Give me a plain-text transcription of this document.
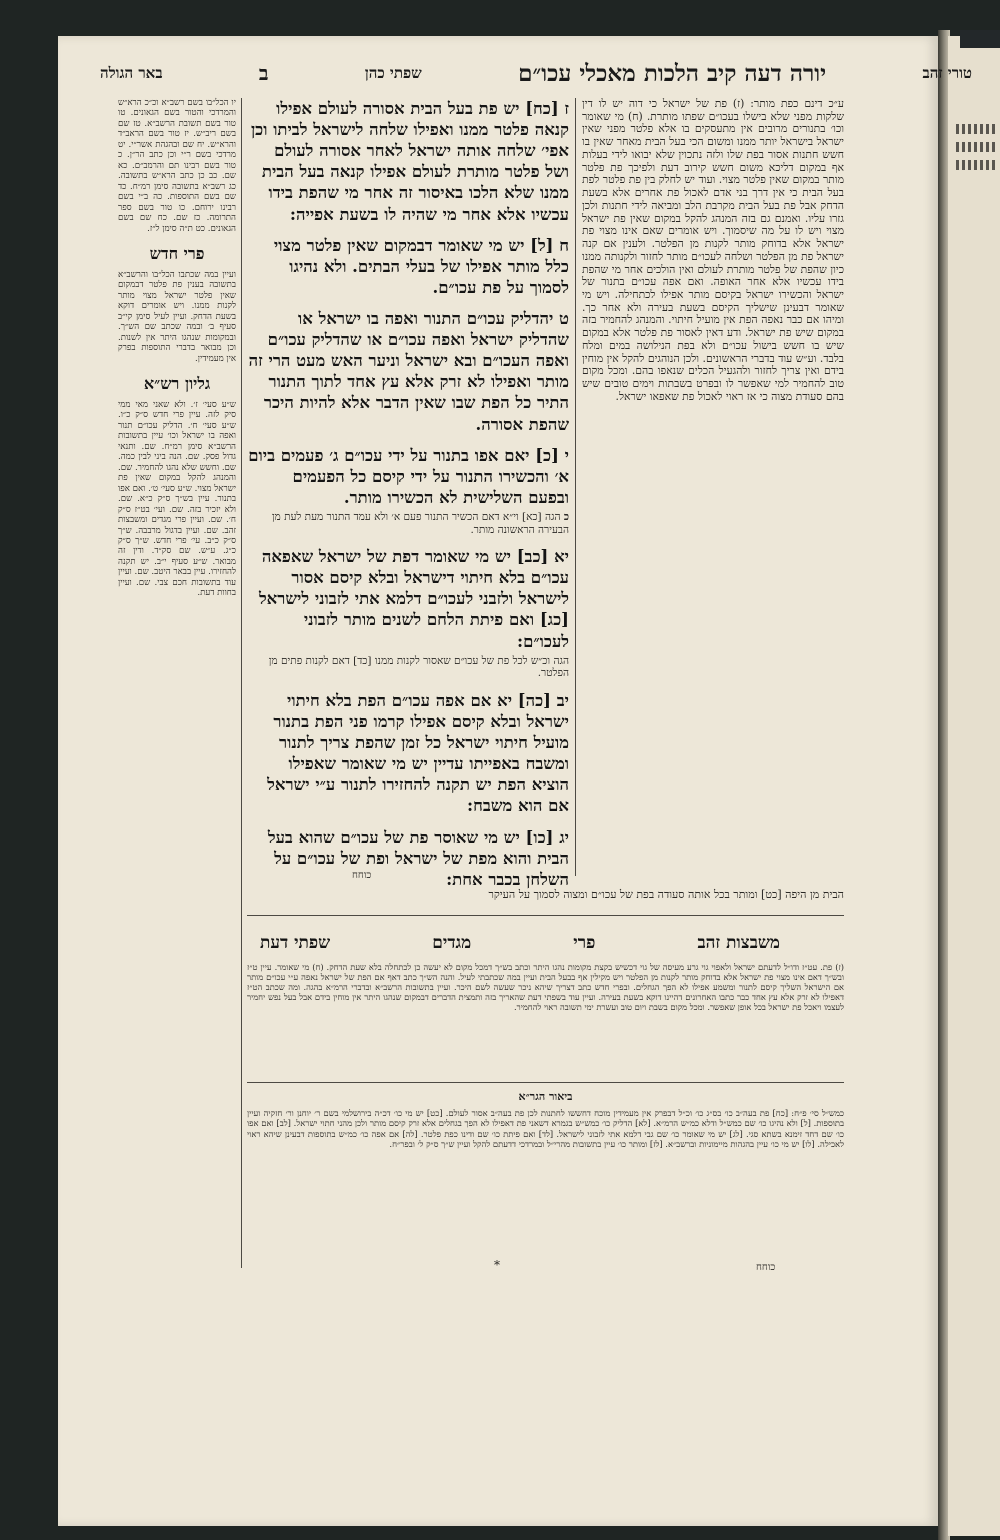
טורי זהב
יורה דעה קיב הלכות מאכלי עכו״ם
שפתי כהן
ב
באר הגולה
ע״כ דינם כפת מותר: (ז) פת של ישראל כי דוה יש לו דין שלקות מפני שלא בישלו בעכו״ם שפתו מותרת. (ח) מי שאומר וכו׳ בתנורים מרובים אין מתעסקים בו אלא פלטר מפני שאין ישראל בישראל יותר ממנו ומשום הכי בעל הבית מאחר שאין בו חשש חתנות אסור בפת שלו ולזה נתכוין שלא יבואו לידי בעלות אף במקום דליכא משום חשש קירוב דעת ולפיכך פת פלטר מותר במקום שאין פלטר מצוי. ועוד יש לחלק בין פת פלטר לפת בעל הבית כי אין דרך בני אדם לאכול פת אחרים אלא בשעת הדחק אבל פת בעל הבית מקרבת הלב ומביאה לידי חתנות ולכן גזרו עליו. ואמנם גם בזה המנהג להקל במקום שאין פת ישראל מצוי ויש לו על מה שיסמוך. ויש אומרים שאם אינו מצוי פת ישראל אלא בדוחק מותר לקנות מן הפלטר. ולענין אם קנה ישראל פת מן הפלטר ושלחה לעכו״ם מותר לחזור ולקנותה ממנו כיון שהפת של פלטר מותרת לעולם ואין הולכים אחר מי שהפת בידו עכשיו אלא אחר האופה. ואם אפה עכו״ם בתנור של ישראל והכשירו ישראל בקיסם מותר אפילו לכתחילה. ויש מי שאומר דבעינן שישליך הקיסם בשעת בעירה ולא אחר כך. ומיהו אם כבר נאפה הפת אין מועיל חיתוי. והמנהג להחמיר בזה במקום שיש פת ישראל. ודע דאין לאסור פת פלטר אלא במקום שיש בו חשש בישול עכו״ם ולא בפת הנילושה במים ומלח בלבד. וע״ש עוד בדברי הראשונים. ולכן הנוהגים להקל אין מוחין בידם ואין צריך לחזור ולהגעיל הכלים שנאפו בהם. ומכל מקום טוב להחמיר למי שאפשר לו ובפרט בשבתות וימים טובים שיש בהם סעודת מצוה כי אז ראוי לאכול פת שאפאו ישראל.
ז [כח] יש פת בעל הבית אסורה לעולם אפילו קנאה פלטר ממנו ואפילו שלחה לישראל לביתו וכן אפי׳ שלחה אותה ישראל לאחר אסורה לעולם ושל פלטר מותרת לעולם אפילו קנאה בעל הבית ממנו שלא הלכו באיסור זה אחר מי שהפת בידו עכשיו אלא אחר מי שהיה לו בשעת אפייה:
ח [ל] יש מי שאומר דבמקום שאין פלטר מצוי כלל מותר אפילו של בעלי הבתים. ולא נהיגו לסמוך על פת עכו״ם.
ט יהדליק עכו״ם התנור ואפה בו ישראל או שהדליק ישראל ואפה עכו״ם או שהדליק עכו״ם ואפה העכו״ם ובא ישראל וניער האש מעט הרי זה מותר ואפילו לא זרק אלא עץ אחד לתוך התנור התיר כל הפת שבו שאין הדבר אלא להיות היכר שהפת אסורה.
י [כ] יאם אפו בתנור על ידי עכו״ם ג׳ פעמים ביום א׳ והכשירו התנור על ידי קיסם כל הפעמים ובפעם השלישית לא הכשירו מותר.
כ הגה [כא] וי״א דאם הכשיר התנור פעם א׳ ולא עמד התנור מעת לעת מן הבעירה הראשונה מותר.
יא [כב] יש מי שאומר דפת של ישראל שאפאה עכו״ם בלא חיתוי דישראל ובלא קיסם אסור לישראל ולזבני לעכו״ם דלמא אתי לזבוני לישראל [כג] ואם פיתת הלחם לשנים מותר לזבוני לעכו״ם:
הגה וכ״ש לכל פת של עכו״ם שאסור לקנות ממנו [כד] דאם לקנות פתים מן הפלטר.
יב [כה] יא אם אפה עכו״ם הפת בלא חיתוי ישראל ובלא קיסם אפילו קרמו פני הפת בתנור מועיל חיתוי ישראל כל זמן שהפת צריך לתנור ומשבח באפייתו עדיין יש מי שאומר שאפילו הוציא הפת יש תקנה להחזירו לתנור ע״י ישראל אם הוא משבח:
יג [כו] יש מי שאוסר פת של עכו״ם שהוא בעל הבית והוא מפת של ישראל ופת של עכו״ם על השלחן בכבר אחת:
הבית מן היפה [כט] ומותר בכל אותה סעודה בפת של עכו״ם ומצוה לסמוך על העיקר
כוחח
יו הכל״בו בשם רשב״א וכ״כ הרא״ש והמרדכי והטור בשם הגאונים. טו טור בשם תשובת הרשב״א. טז שם בשם ריב״ש. יז טור בשם הראב״ד והרא״ש. יח שם ובהגהת אשר״י. יט מרדכי בשם ר״י וכן כתב הר״ן. כ טור בשם רבינו תם והרמב״ם. כא שם. כב כן כתב הרא״ש בתשובה. כג רשב״א בתשובה סימן רמ״ח. כד שם בשם התוספות. כה ב״י בשם רבינו ירוחם. כו טור בשם ספר התרומה. כז שם. כח שם בשם הגאונים. כט ת״ה סימן ל״ז.
פרי חדש
ועיין במה שכתבו הכל״בו והרשב״א בתשובה בענין פת פלטר דבמקום שאין פלטר ישראל מצוי מותר לקנות ממנו. ויש אומרים דוקא בשעת הדחק. ועיין לעיל סימן קי״ב סעיף ב׳ ובמה שכתב שם הש״ך. ובמקומות שנהגו היתר אין לשנות. וכן מבואר בדברי התוספות בפרק אין מעמידין.
גליון רש״א
ש״ע סעי׳ ז׳. ולא שאני מאי ממי סיק לזה. עיין פרי חדש ס״ק כ״ו. ש״ע סעי׳ ח׳. הדליק עכו״ם תנור ואפה בו ישראל וכו׳ עיין בתשובות הרשב״א סימן רמ״ח. שם. ותנאי גדול פסק. שם. הנה ביני לבין כמה. שם. וחשש שלא נהגו להחמיר. שם. והמנהג להקל במקום שאין פת ישראל מצוי. ש״ע סעי׳ ט׳. ואם אפו בתנור. עיין בש״ך ס״ק כ״א. שם. ולא יזכיר בזה. שם. ועי׳ בט״ז ס״ק ח׳. שם. ועיין פרי מגדים ומשבצות זהב. שם. ועיין בדגול מרבבה. ש״ך ס״ק כ״ב. עי׳ פרי חדש. ש״ך ס״ק כ״ג. ע״ש. שם סק״ד. ודין זה מבואר. ש״ע סעיף י״ב. יש תקנה להחזירו. עיין בבאר היטב. שם. ועיין עוד בתשובות חכם צבי. שם. ועיין בחוות דעת.
משבצות זהב
פרי
מגדים
שפתי דעת
(ז) פת. עט״ז ודו״ל לדעתם ישראל ולאפוי גוי גרע מעיסה של גוי דכשיש בקצת מקומות נהגו היתר וכתב בש״ך דמכל מקום לא יעשה כן לכתחלה בלא שעת הדחק. (ח) מי שאומר. עיין ט״ז ובש״ך דאם אינו מצוי פת ישראל אלא בדוחק מותר לקנות מן הפלטר ויש מקילין אף בבעל הבית ועיין במה שכתבתי לעיל. והנה הש״ך כתב דאף אם הפת של ישראל נאפה ע״י עכו״ם מותר אם הישראל השליך קיסם לתנור ומשמע אפילו לא הפך הגחלים. ובפרי חדש כתב דצריך שיהא ניכר שעשה לשם היכר. ועיין בתשובות הרשב״א ובדברי הרמ״א בהגה. ומה שכתב הט״ז דאפילו לא זרק אלא עץ אחד כבר כתבו האחרונים דהיינו דוקא בשעת בעירה. ועיין עוד בשפתי דעת שהאריך בזה ותמצית הדברים דבמקום שנהגו היתר אין מוחין בידם אבל בעל נפש יחמיר לעצמו ויאכל פת ישראל בכל אופן שאפשר. ומכל מקום בשבת ויום טוב ועשרת ימי תשובה ראוי להחמיר.
ביאור הגר״א
כמש״ל סי׳ פ״ח: [כח] פת בעה״ב כו׳ בס״ג כו׳ וכ״ל דבפרק אין מעמידין מוכח דחששו לחתנות לכן פת בעה״ב אסור לעולם. [כט] יש מי כו׳ דכ״ה בירושלמי בשם ר׳ יוחנן ור׳ חזקיה ועיין בתוספות. [ל] ולא נהיגו כו׳ שם כמש״ל ודלא כמ״ש הרמ״א. [לא] הדליק כו׳ כמש״ש בגמרא דשאני פת דאפילו לא הפך בגחלים אלא זרק קיסם מותר ולכן מהני חתוי ישראל. [לב] ואם אפו כו׳ שם דחד זימנא בשתא סגי. [לג] יש מי שאומר כו׳ שם גבי דלמא אתי לזבוני לישראל. [לד] ואם פיתת כו׳ שם ודינו כפת פלטר. [לה] אם אפה כו׳ כמ״ש בתוספות דבעינן שיהא ראוי לאכילה. [לו] יש מי כו׳ עיין בהגהות מיימוניות וברשב״א. [לז] ומותר כו׳ עיין בתשובות מהרי״ל ובמרדכי דדעתם להקל ועיין ש״ך ס״ק ל׳ ובפר״ח.
*	כוחח
